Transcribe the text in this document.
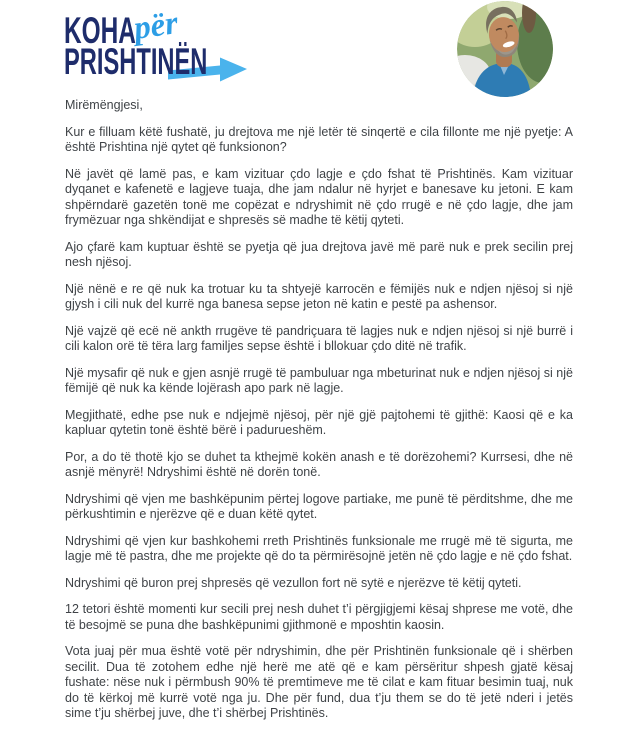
KOHA
për
PRISHTINËN

Mirëmëngjesi,

Kur e filluam këtë fushatë, ju drejtova me një letër të sinqertë e cila fillonte me një pyetje: A është Prishtina një qytet që funksionon?

Në javët që lamë pas, e kam vizituar çdo lagje e çdo fshat të Prishtinës. Kam vizituar dyqanet e kafenetë e lagjeve tuaja, dhe jam ndalur në hyrjet e banesave ku jetoni. E kam shpërndarë gazetën tonë me copëzat e ndryshimit në çdo rrugë e në çdo lagje, dhe jam frymëzuar nga shkëndijat e shpresës së madhe të këtij qyteti.

Ajo çfarë kam kuptuar është se pyetja që jua drejtova javë më parë nuk e prek secilin prej nesh njësoj.

Një nënë e re që nuk ka trotuar ku ta shtyejë karrocën e fëmijës nuk e ndjen njësoj si një gjysh i cili nuk del kurrë nga banesa sepse jeton në katin e pestë pa ashensor.

Një vajzë që ecë në ankth rrugëve të pandriçuara të lagjes nuk e ndjen njësoj si një burrë i cili kalon orë të tëra larg familjes sepse është i bllokuar çdo ditë në trafik.

Një mysafir që nuk e gjen asnjë rrugë të pambuluar nga mbeturinat nuk e ndjen njësoj si një fëmijë që nuk ka kënde lojërash apo park në lagje.

Megjithatë, edhe pse nuk e ndjejmë njësoj, për një gjë pajtohemi të gjithë: Kaosi që e ka kapluar qytetin tonë është bërë i padurueshëm.

Por, a do të thotë kjo se duhet ta kthejmë kokën anash e të dorëzohemi? Kurrsesi, dhe në asnjë mënyrë! Ndryshimi është në dorën tonë.

Ndryshimi që vjen me bashkëpunim përtej logove partiake, me punë të përditshme, dhe me përkushtimin e njerëzve që e duan këtë qytet.

Ndryshimi që vjen kur bashkohemi rreth Prishtinës funksionale me rrugë më të sigurta, me lagje më të pastra, dhe me projekte që do ta përmirësojnë jetën në çdo lagje e në çdo fshat.

Ndryshimi që buron prej shpresës që vezullon fort në sytë e njerëzve të këtij qyteti.

12 tetori është momenti kur secili prej nesh duhet t’i përgjigjemi kësaj shprese me votë, dhe të besojmë se puna dhe bashkëpunimi gjithmonë e mposhtin kaosin.

Vota juaj për mua është votë për ndryshimin, dhe për Prishtinën funksionale që i shërben secilit. Dua të zotohem edhe një herë me atë që e kam përsëritur shpesh gjatë kësaj fushate: nëse nuk i përmbush 90% të premtimeve me të cilat e kam fituar besimin tuaj, nuk do të kërkoj më kurrë votë nga ju. Dhe për fund, dua t’ju them se do të jetë nderi i jetës sime t’ju shërbej juve, dhe t’i shërbej Prishtinës.
